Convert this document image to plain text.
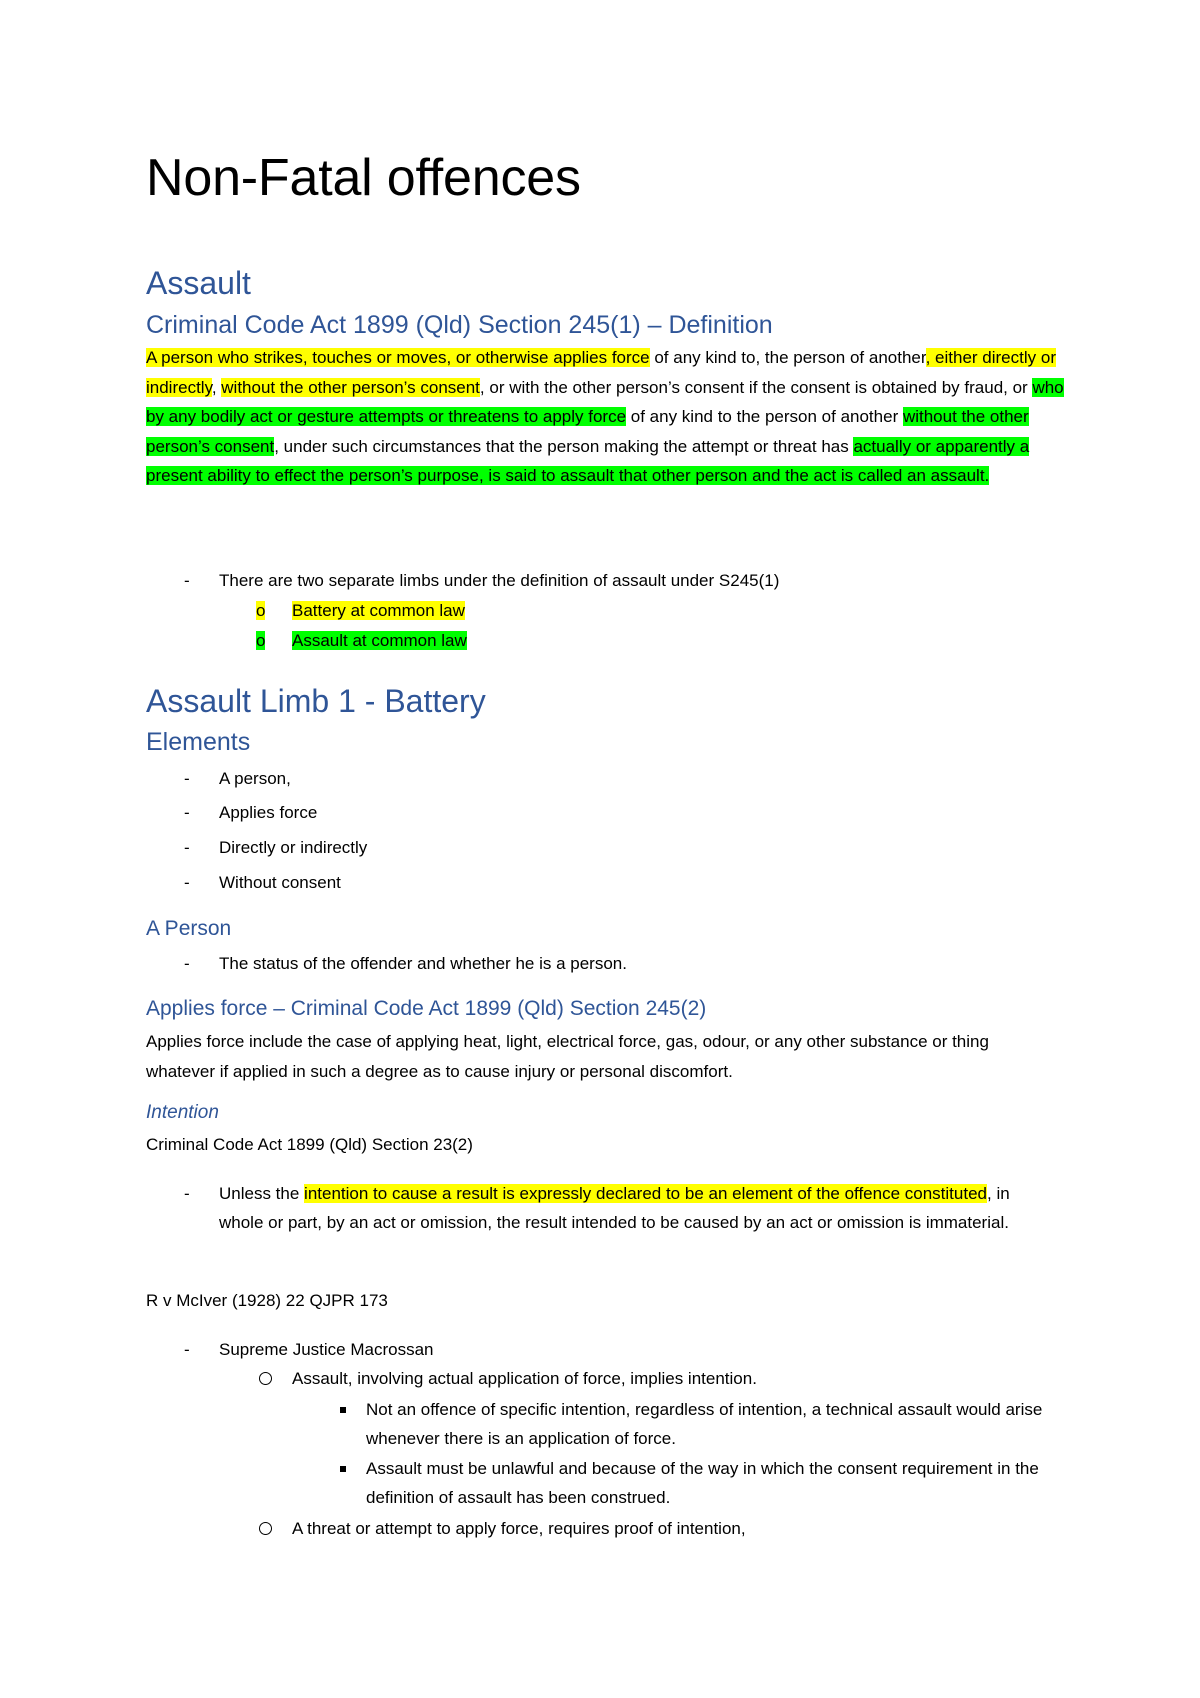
Non-Fatal offences
Assault
Criminal Code Act 1899 (Qld) Section 245(1) – Definition
A person who strikes, touches or moves, or otherwise applies force of any kind to, the person of another, either directly or indirectly, without the other person’s consent, or with the other person’s consent if the consent is obtained by fraud, or who by any bodily act or gesture attempts or threatens to apply force of any kind to the person of another without the other person’s consent, under such circumstances that the person making the attempt or threat has actually or apparently a present ability to effect the person’s purpose, is said to assault that other person and the act is called an assault.
- There are two separate limbs under the definition of assault under S245(1)
o Battery at common law
o Assault at common law
Assault Limb 1 - Battery
Elements
- A person,
- Applies force
- Directly or indirectly
- Without consent
A Person
- The status of the offender and whether he is a person.
Applies force – Criminal Code Act 1899 (Qld) Section 245(2)
Applies force include the case of applying heat, light, electrical force, gas, odour, or any other substance or thing whatever if applied in such a degree as to cause injury or personal discomfort.
Intention
Criminal Code Act 1899 (Qld) Section 23(2)
- Unless the intention to cause a result is expressly declared to be an element of the offence constituted, in whole or part, by an act or omission, the result intended to be caused by an act or omission is immaterial.
R v McIver (1928) 22 QJPR 173
- Supreme Justice Macrossan
Assault, involving actual application of force, implies intention.
Not an offence of specific intention, regardless of intention, a technical assault would arise whenever there is an application of force.
Assault must be unlawful and because of the way in which the consent requirement in the definition of assault has been construed.
A threat or attempt to apply force, requires proof of intention,
